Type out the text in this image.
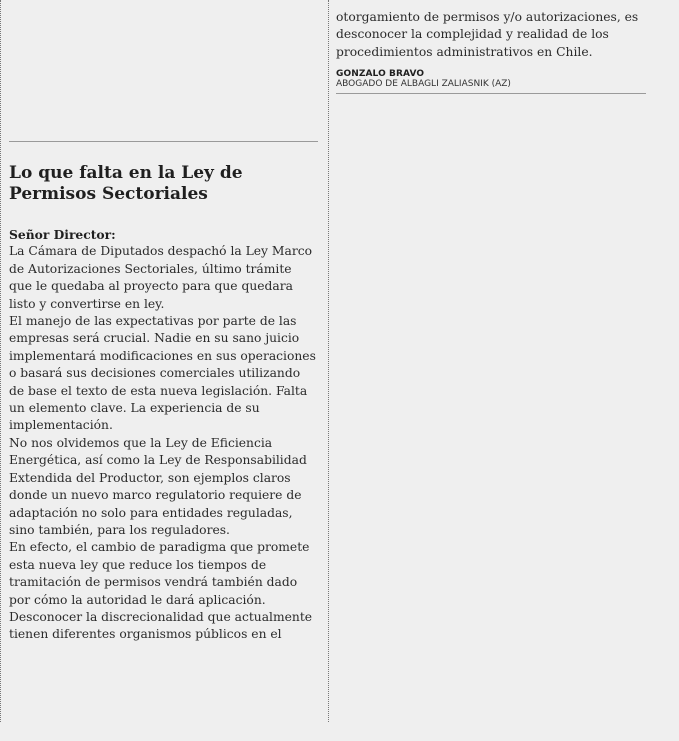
Lo que falta en la Ley de
Permisos Sectoriales
Señor Director:

La Cámara de Diputados despachó la Ley Marco de Autorizaciones Sectoriales, último trámite que le quedaba al proyecto para que quedara listo y convertirse en ley.

El manejo de las expectativas por parte de las empresas será crucial. Nadie en su sano juicio implementará modificaciones en sus operaciones o basará sus decisiones comerciales utilizando de base el texto de esta nueva legislación. Falta un elemento clave. La experiencia de su implementación.

No nos olvidemos que la Ley de Eficiencia Energética, así como la Ley de Responsabilidad Extendida del Productor, son ejemplos claros donde un nuevo marco regulatorio requiere de adaptación no solo para entidades reguladas, sino también, para los reguladores.

En efecto, el cambio de paradigma que promete esta nueva ley que reduce los tiempos de tramitación de permisos vendrá también dado por cómo la autoridad le dará aplicación.

Desconocer la discrecionalidad que actualmente tienen diferentes organismos públicos en el

otorgamiento de permisos y/o autorizaciones, es desconocer la complejidad y realidad de los procedimientos administrativos en Chile.

GONZALO BRAVO
ABOGADO DE ALBAGLI ZALIASNIK (AZ)
